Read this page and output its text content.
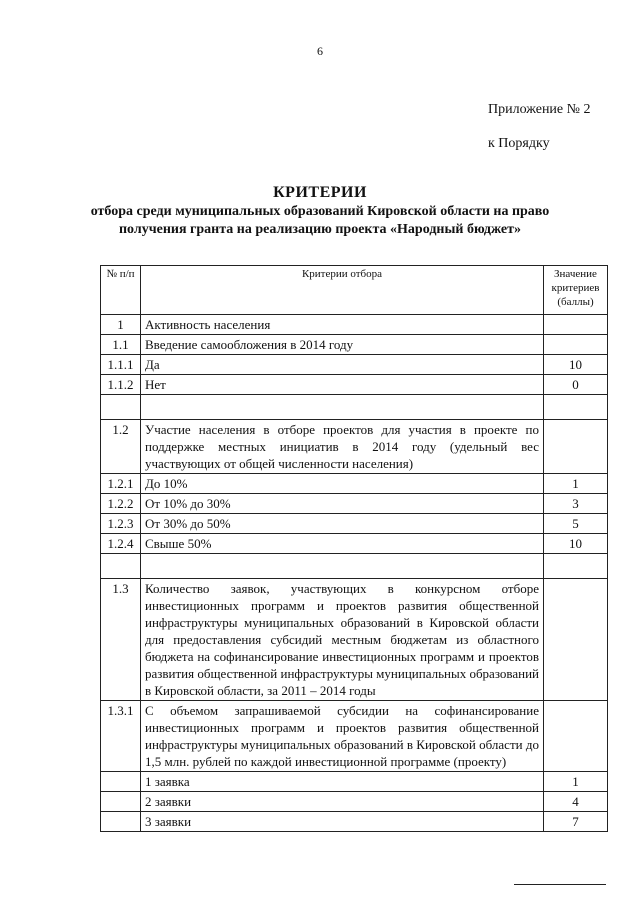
6
Приложение № 2
к Порядку
КРИТЕРИИ
отбора среди муниципальных образований Кировской области на право
получения гранта на реализацию проекта «Народный бюджет»
№ п/п	Критерии отбора	Значение критериев (баллы)
1	Активность населения	
1.1	Введение самообложения в 2014 году	
1.1.1	Да	10
1.1.2	Нет	0

1.2	Участие населения в отборе проектов для участия в проекте по поддержке местных инициатив в 2014 году (удельный вес участвующих от общей численности населения)	
1.2.1	До 10%	1
1.2.2	От 10% до 30%	3
1.2.3	От 30% до 50%	5
1.2.4	Свыше 50%	10

1.3	Количество заявок, участвующих в конкурсном отборе инвестиционных программ и проектов развития общественной инфраструктуры муниципальных образований в Кировской области для предоставления субсидий местным бюджетам из областного бюджета на софинансирование инвестиционных программ и проектов развития общественной инфраструктуры муниципальных образований в Кировской области, за 2011 – 2014 годы	
1.3.1	С объемом запрашиваемой субсидии на софинансирование инвестиционных программ и проектов развития общественной инфраструктуры муниципальных образований в Кировской области до 1,5 млн. рублей по каждой инвестиционной программе (проекту)	
	1 заявка	1
	2 заявки	4
	3 заявки	7
